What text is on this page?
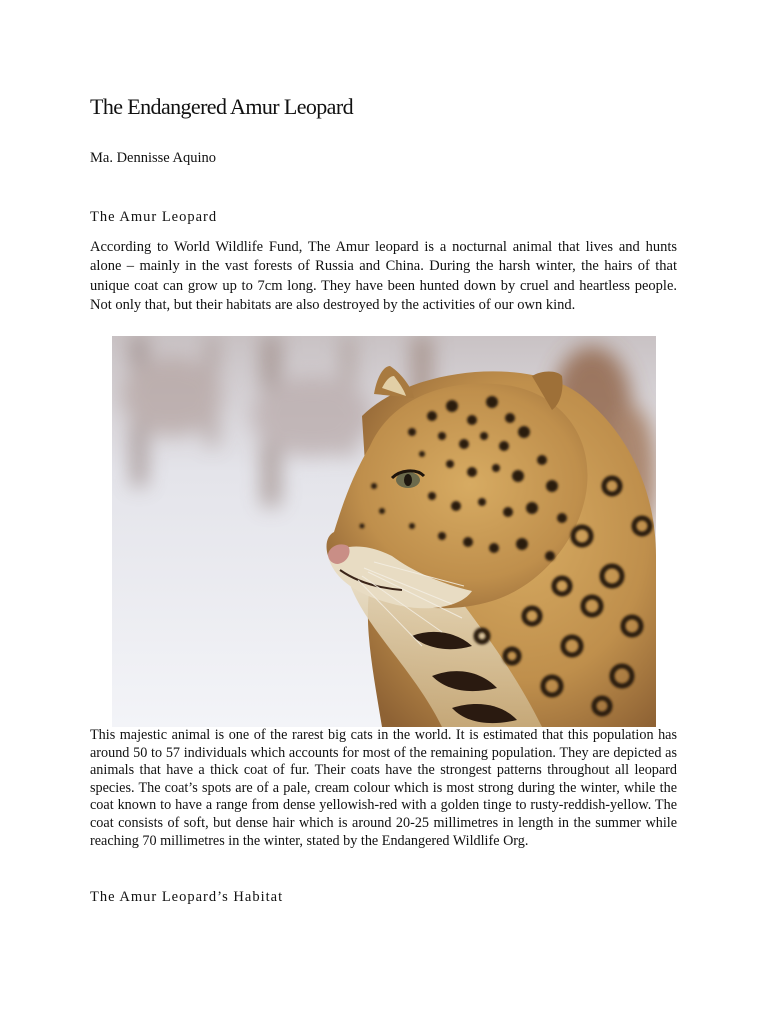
The Endangered Amur Leopard
Ma. Dennisse Aquino
The Amur Leopard

According to World Wildlife Fund, The Amur leopard is a nocturnal animal that lives and hunts alone – mainly in the vast forests of Russia and China. During the harsh winter, the hairs of that unique coat can grow up to 7cm long. They have been hunted down by cruel and heartless people. Not only that, but their habitats are also destroyed by the activities of our own kind.

This majestic animal is one of the rarest big cats in the world. It is estimated that this population has around 50 to 57 individuals which accounts for most of the remaining population. They are depicted as animals that have a thick coat of fur. Their coats have the strongest patterns throughout all leopard species. The coat’s spots are of a pale, cream colour which is most strong during the winter, while the coat known to have a range from dense yellowish-red with a golden tinge to rusty-reddish-yellow. The coat consists of soft, but dense hair which is around 20-25 millimetres in length in the summer while reaching 70 millimetres in the winter, stated by the Endangered Wildlife Org.

The Amur Leopard’s Habitat
